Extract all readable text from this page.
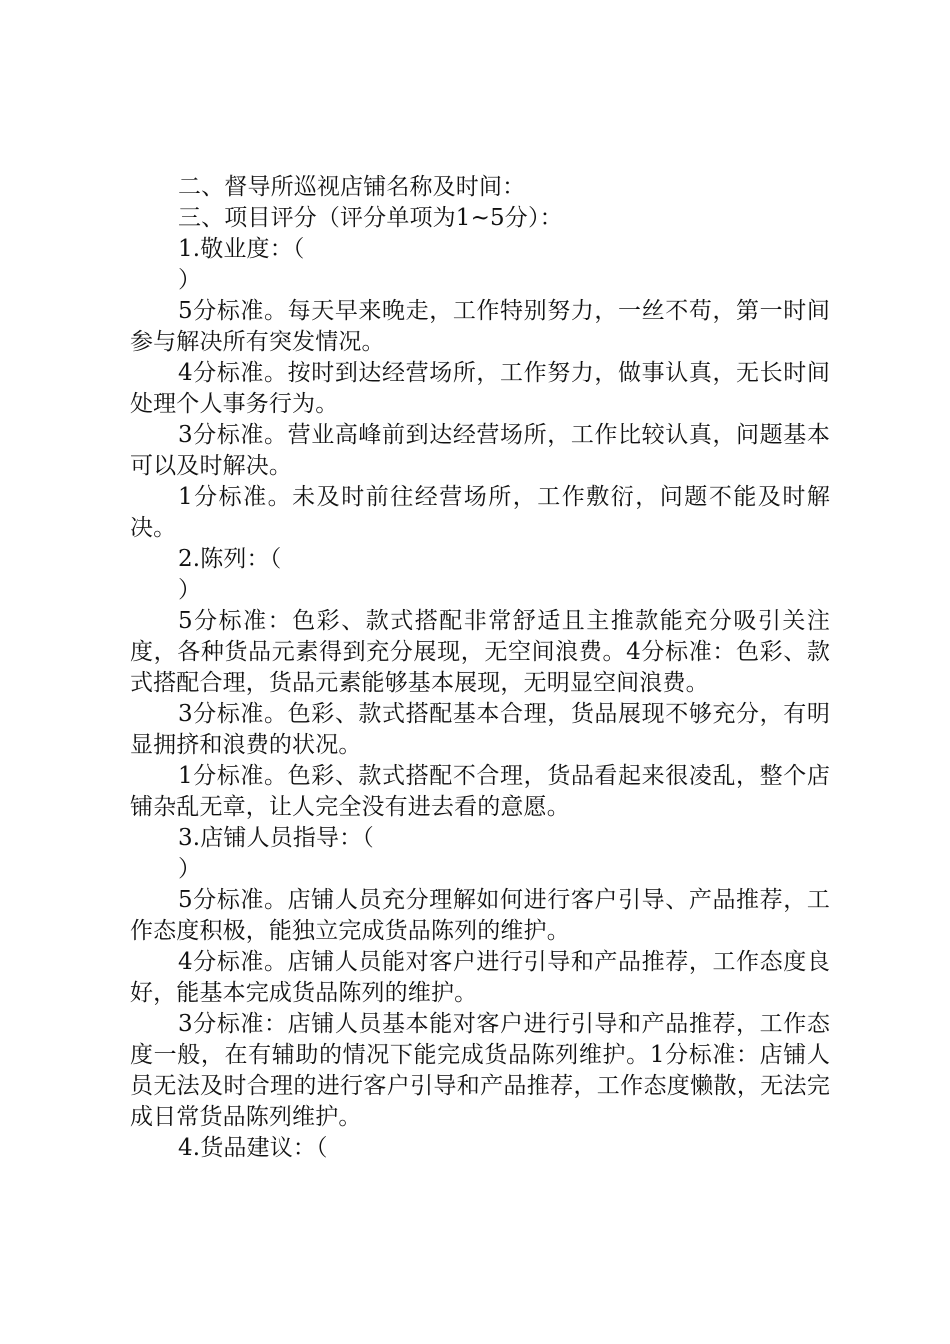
二、督导所巡视店铺名称及时间：

三、项目评分（评分单项为1~5分）：

1.敬业度：（

）

5分标准。每天早来晚走，工作特别努力，一丝不苟，第一时间参与解决所有突发情况。

4分标准。按时到达经营场所，工作努力，做事认真，无长时间处理个人事务行为。

3分标准。营业高峰前到达经营场所，工作比较认真，问题基本可以及时解决。

1分标准。未及时前往经营场所，工作敷衍，问题不能及时解决。

2.陈列：（

）

5分标准：色彩、款式搭配非常舒适且主推款能充分吸引关注度，各种货品元素得到充分展现，无空间浪费。4分标准：色彩、款式搭配合理，货品元素能够基本展现，无明显空间浪费。

3分标准。色彩、款式搭配基本合理，货品展现不够充分，有明显拥挤和浪费的状况。

1分标准。色彩、款式搭配不合理，货品看起来很凌乱，整个店铺杂乱无章，让人完全没有进去看的意愿。

3.店铺人员指导：（

）

5分标准。店铺人员充分理解如何进行客户引导、产品推荐，工作态度积极，能独立完成货品陈列的维护。

4分标准。店铺人员能对客户进行引导和产品推荐，工作态度良好，能基本完成货品陈列的维护。

3分标准：店铺人员基本能对客户进行引导和产品推荐，工作态度一般，在有辅助的情况下能完成货品陈列维护。1分标准：店铺人员无法及时合理的进行客户引导和产品推荐，工作态度懒散，无法完成日常货品陈列维护。

4.货品建议：（
